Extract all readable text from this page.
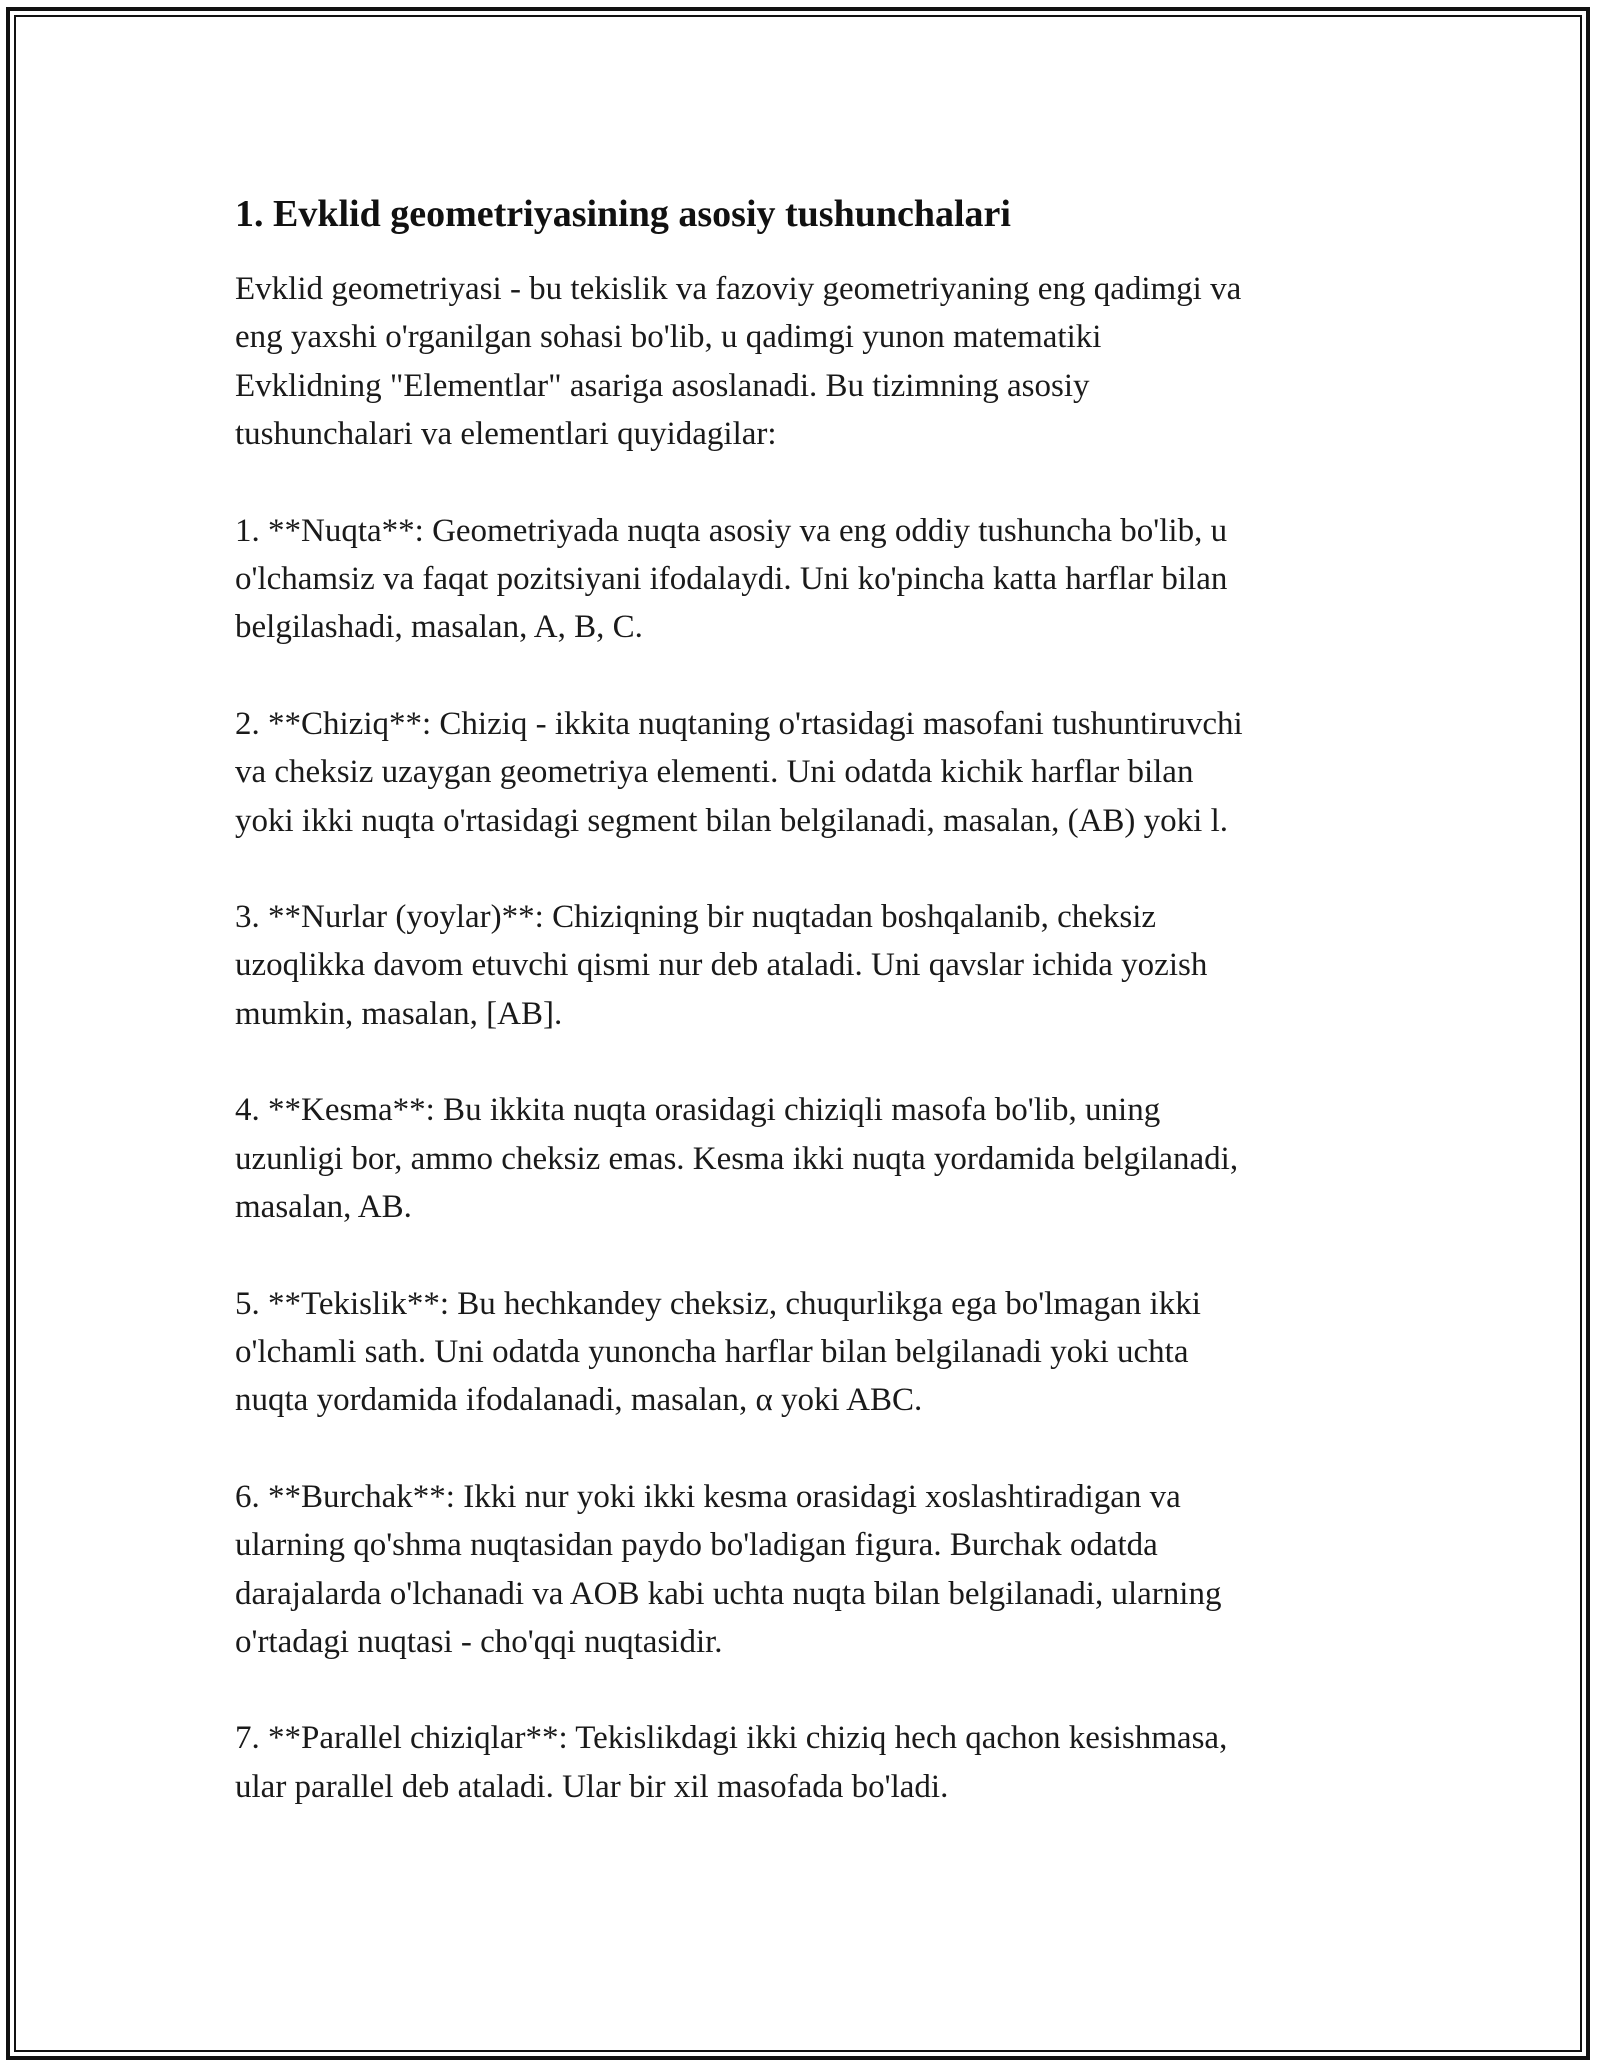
1. Evklid geometriyasining asosiy tushunchalari

Evklid geometriyasi - bu tekislik va fazoviy geometriyaning eng qadimgi va
eng yaxshi o'rganilgan sohasi bo'lib, u qadimgi yunon matematiki
Evklidning "Elementlar" asariga asoslanadi. Bu tizimning asosiy
tushunchalari va elementlari quyidagilar:

1. **Nuqta**: Geometriyada nuqta asosiy va eng oddiy tushuncha bo'lib, u
o'lchamsiz va faqat pozitsiyani ifodalaydi. Uni ko'pincha katta harflar bilan
belgilashadi, masalan, A, B, C.

2. **Chiziq**: Chiziq - ikkita nuqtaning o'rtasidagi masofani tushuntiruvchi
va cheksiz uzaygan geometriya elementi. Uni odatda kichik harflar bilan
yoki ikki nuqta o'rtasidagi segment bilan belgilanadi, masalan, (AB) yoki l.

3. **Nurlar (yoylar)**: Chiziqning bir nuqtadan boshqalanib, cheksiz
uzoqlikka davom etuvchi qismi nur deb ataladi. Uni qavslar ichida yozish
mumkin, masalan, [AB].

4. **Kesma**: Bu ikkita nuqta orasidagi chiziqli masofa bo'lib, uning
uzunligi bor, ammo cheksiz emas. Kesma ikki nuqta yordamida belgilanadi,
masalan, AB.

5. **Tekislik**: Bu hechkandey cheksiz, chuqurlikga ega bo'lmagan ikki
o'lchamli sath. Uni odatda yunoncha harflar bilan belgilanadi yoki uchta
nuqta yordamida ifodalanadi, masalan, α yoki ABC.

6. **Burchak**: Ikki nur yoki ikki kesma orasidagi xoslashtiradigan va
ularning qo'shma nuqtasidan paydo bo'ladigan figura. Burchak odatda
darajalarda o'lchanadi va AOB kabi uchta nuqta bilan belgilanadi, ularning
o'rtadagi nuqtasi - cho'qqi nuqtasidir.

7. **Parallel chiziqlar**: Tekislikdagi ikki chiziq hech qachon kesishmasa,
ular parallel deb ataladi. Ular bir xil masofada bo'ladi.
